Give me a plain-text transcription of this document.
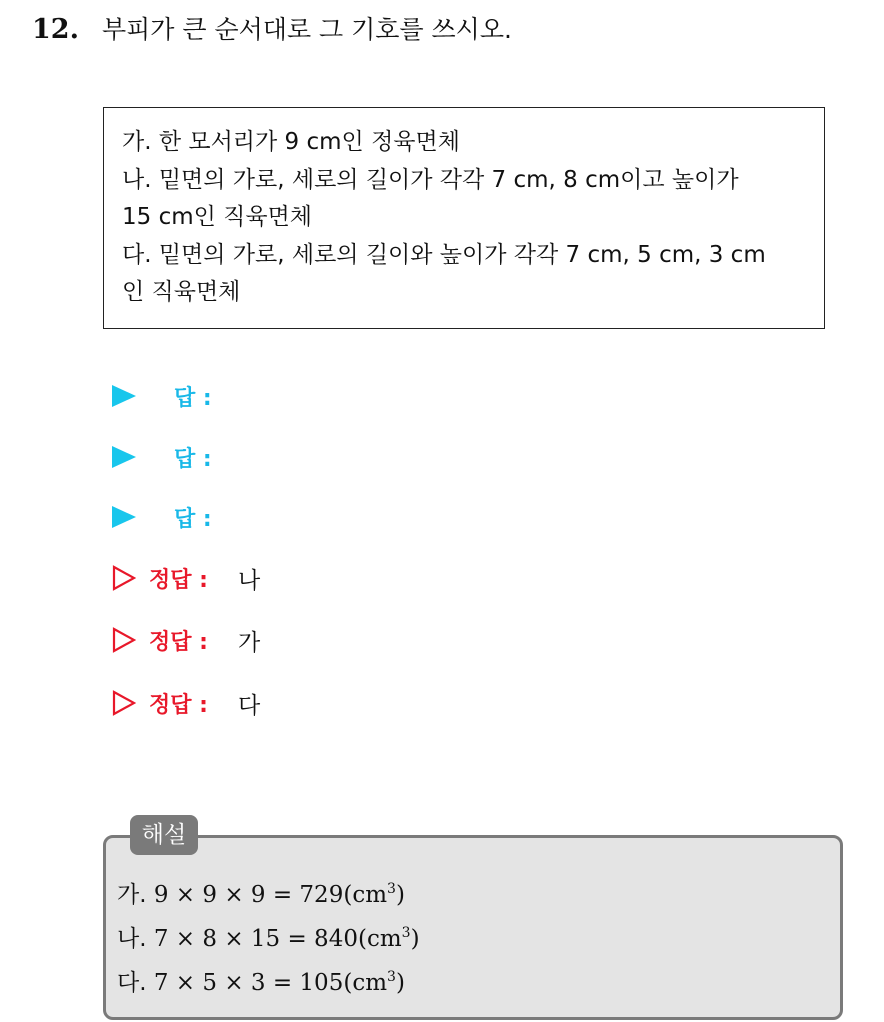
12. 부피가 큰 순서대로 그 기호를 쓰시오.
가. 한 모서리가 9 cm인 정육면체
나. 밑면의 가로, 세로의 길이가 각각 7 cm, 8 cm이고 높이가
15 cm인 직육면체
다. 밑면의 가로, 세로의 길이와 높이가 각각 7 cm, 5 cm, 3 cm
인 직육면체
답 :
답 :
답 :
정답 : 나
정답 : 가
정답 : 다
해설
가. $9 \times 9 \times 9 = 729(cm^3)$
나. $7 \times 8 \times 15 = 840(cm^3)$
다. $7 \times 5 \times 3 = 105(cm^3)$
